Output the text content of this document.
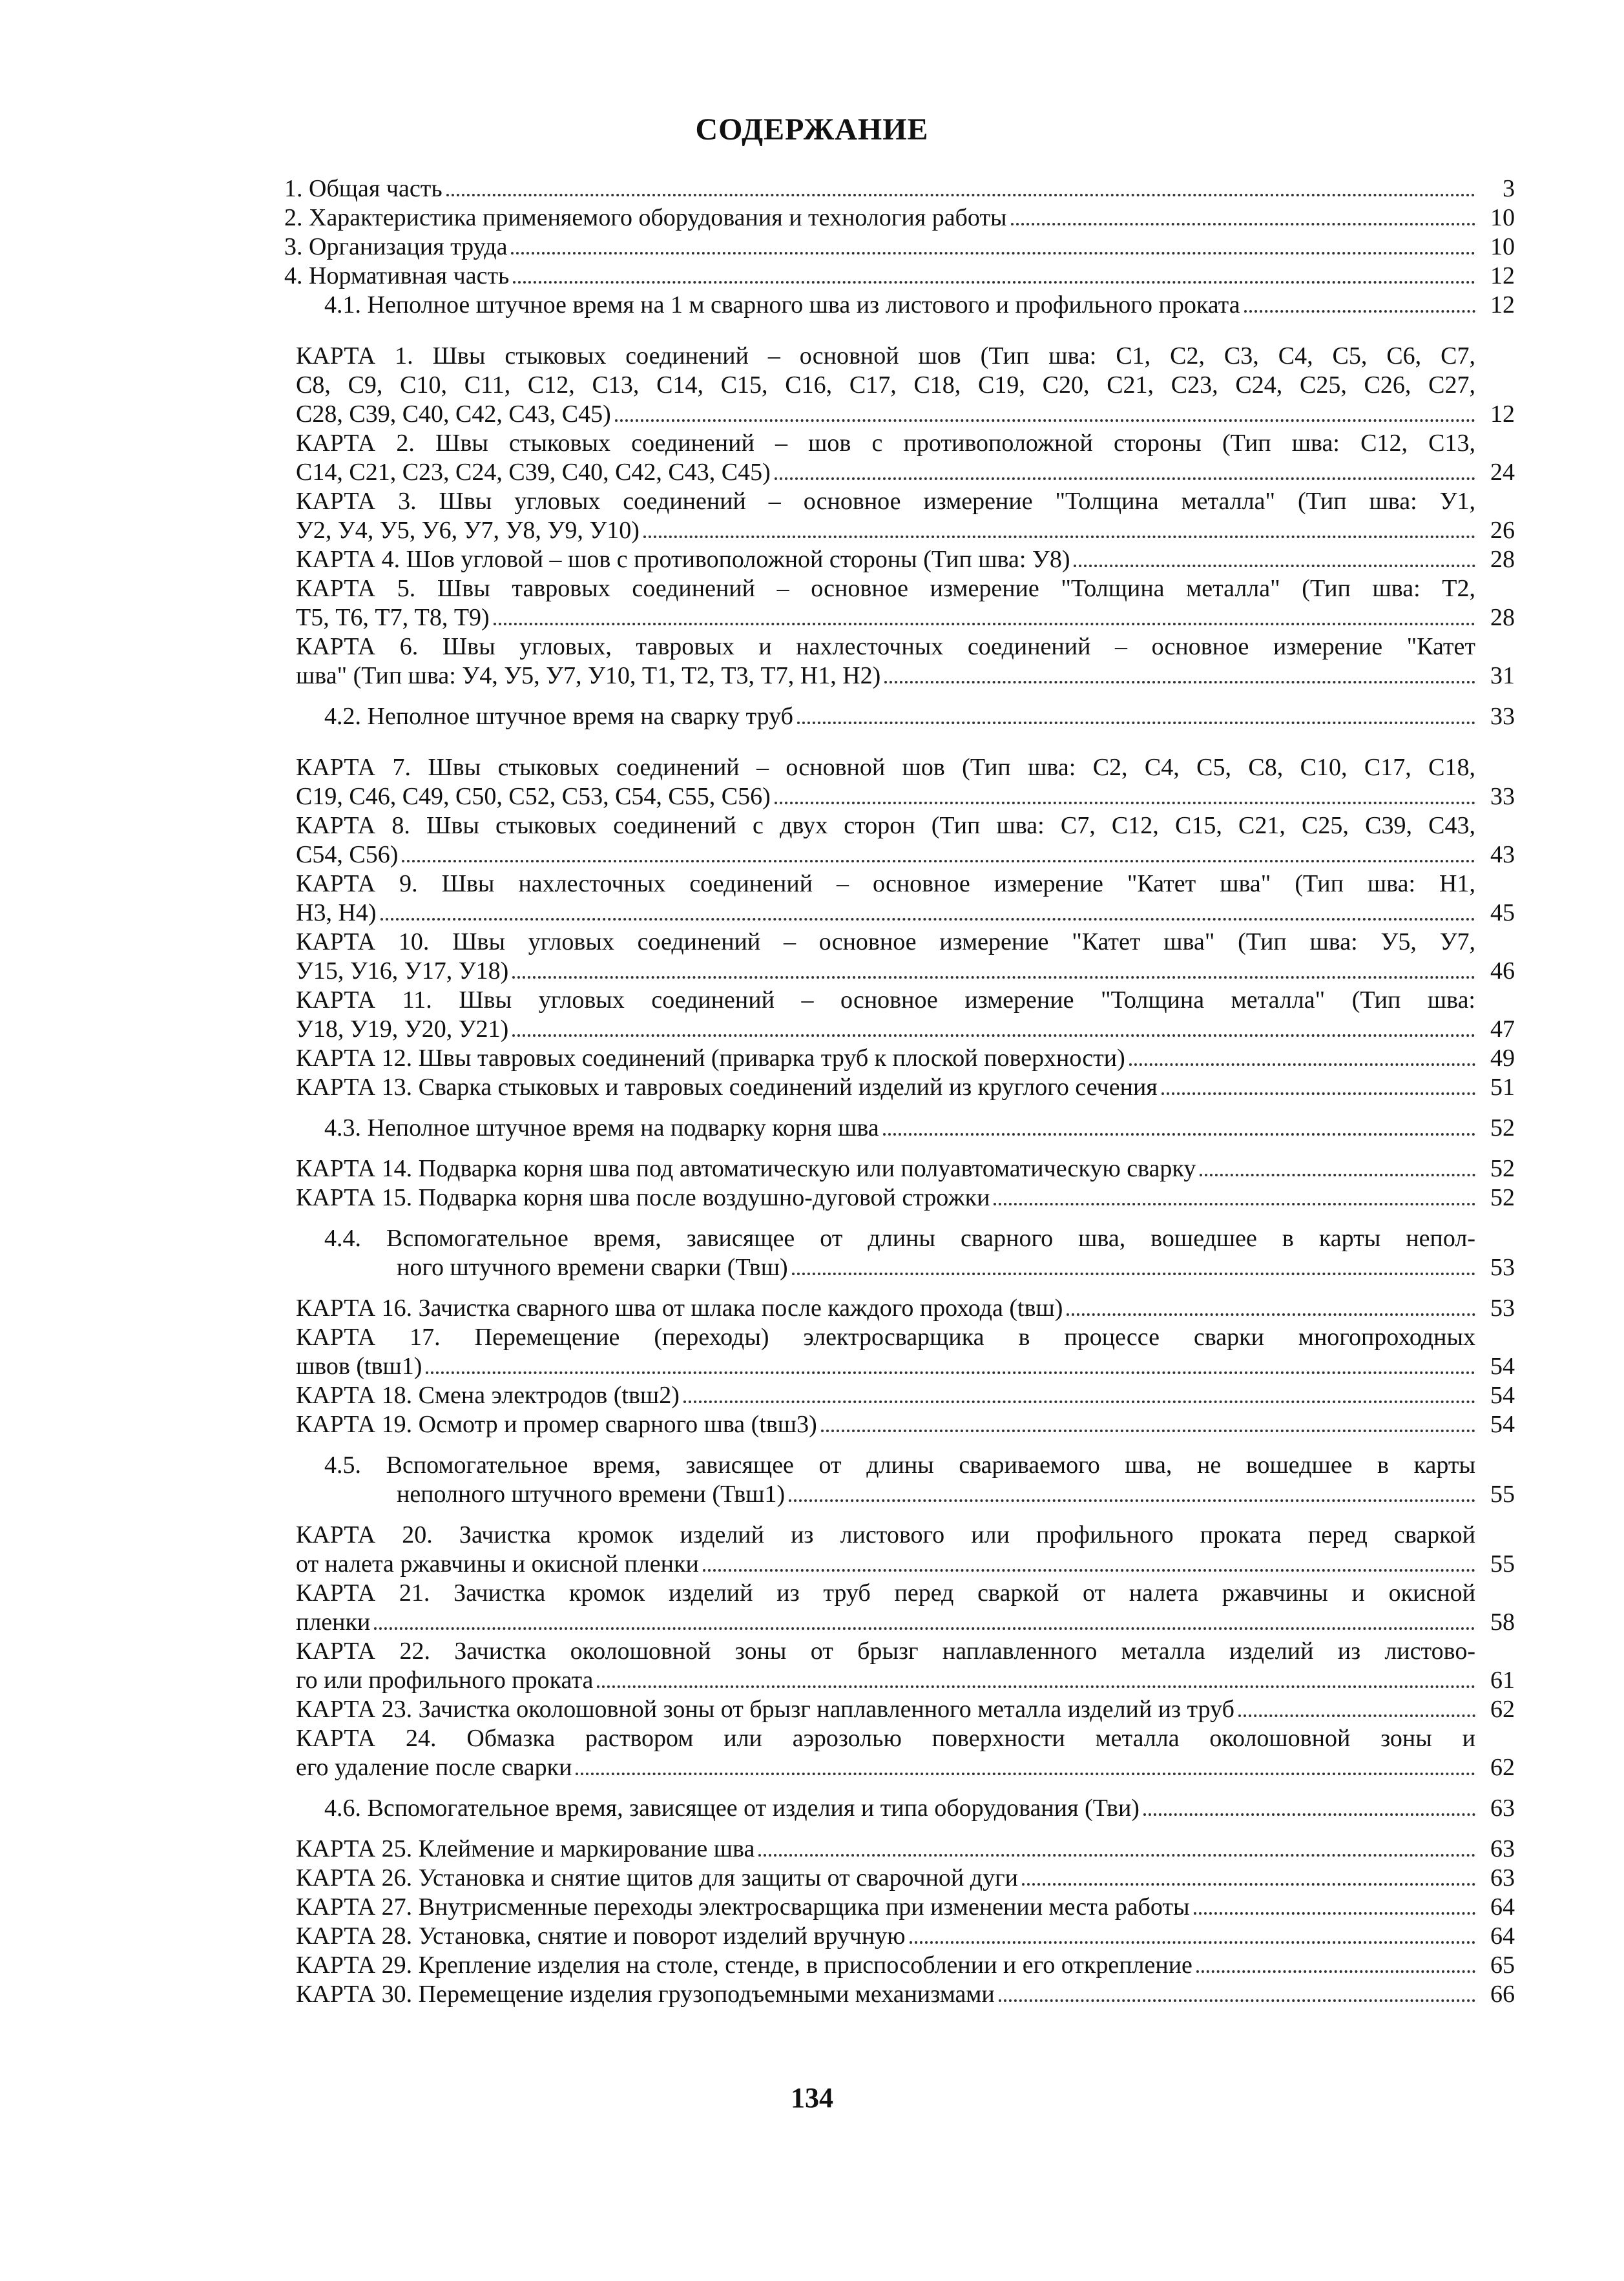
СОДЕРЖАНИЕ
1. Общая часть	3
2. Характеристика применяемого оборудования и технология работы	10
3. Организация труда	10
4. Нормативная часть	12
4.1. Неполное штучное время на 1 м сварного шва из листового и профильного проката	12
КАРТА 1. Швы стыковых соединений – основной шов (Тип шва: С1, С2, С3, С4, С5, С6, С7,
С8, С9, С10, С11, С12, С13, С14, С15, С16, С17, С18, С19, С20, С21, С23, С24, С25, С26, С27,
С28, С39, С40, С42, С43, С45)	12
КАРТА 2. Швы стыковых соединений – шов с противоположной стороны (Тип шва: С12, С13,
С14, С21, С23, С24, С39, С40, С42, С43, С45)	24
КАРТА 3. Швы угловых соединений – основное измерение "Толщина металла" (Тип шва: У1,
У2, У4, У5, У6, У7, У8, У9, У10)	26
КАРТА 4. Шов угловой – шов с противоположной стороны (Тип шва: У8)	28
КАРТА 5. Швы тавровых соединений – основное измерение "Толщина металла" (Тип шва: Т2,
Т5, Т6, Т7, Т8, Т9)	28
КАРТА 6. Швы угловых, тавровых и нахлесточных соединений – основное измерение "Катет
шва" (Тип шва: У4, У5, У7, У10, Т1, Т2, Т3, Т7, Н1, Н2)	31
4.2. Неполное штучное время на сварку труб	33
КАРТА 7. Швы стыковых соединений – основной шов (Тип шва: С2, С4, С5, С8, С10, С17, С18,
С19, С46, С49, С50, С52, С53, С54, С55, С56)	33
КАРТА 8. Швы стыковых соединений с двух сторон (Тип шва: С7, С12, С15, С21, С25, С39, С43,
С54, С56)	43
КАРТА 9. Швы нахлесточных соединений – основное измерение "Катет шва" (Тип шва: Н1,
Н3, Н4)	45
КАРТА 10. Швы угловых соединений – основное измерение "Катет шва" (Тип шва: У5, У7,
У15, У16, У17, У18)	46
КАРТА 11. Швы угловых соединений – основное измерение "Толщина металла" (Тип шва:
У18, У19, У20, У21)	47
КАРТА 12. Швы тавровых соединений (приварка труб к плоской поверхности)	49
КАРТА 13. Сварка стыковых и тавровых соединений изделий из круглого сечения	51
4.3. Неполное штучное время на подварку корня шва	52
КАРТА 14. Подварка корня шва под автоматическую или полуавтоматическую сварку	52
КАРТА 15. Подварка корня шва после воздушно-дуговой строжки	52
4.4. Вспомогательное время, зависящее от длины сварного шва, вошедшее в карты непол-
ного штучного времени сварки (Твш)	53
КАРТА 16. Зачистка сварного шва от шлака после каждого прохода (tвш)	53
КАРТА 17. Перемещение (переходы) электросварщика в процессе сварки многопроходных
швов (tвш1)	54
КАРТА 18. Смена электродов (tвш2)	54
КАРТА 19. Осмотр и промер сварного шва (tвш3)	54
4.5. Вспомогательное время, зависящее от длины свариваемого шва, не вошедшее в карты
неполного штучного времени (Твш1)	55
КАРТА 20. Зачистка кромок изделий из листового или профильного проката перед сваркой
от налета ржавчины и окисной пленки	55
КАРТА 21. Зачистка кромок изделий из труб перед сваркой от налета ржавчины и окисной
пленки	58
КАРТА 22. Зачистка околошовной зоны от брызг наплавленного металла изделий из листово-
го или профильного проката	61
КАРТА 23. Зачистка околошовной зоны от брызг наплавленного металла изделий из труб	62
КАРТА 24. Обмазка раствором или аэрозолью поверхности металла околошовной зоны и
его удаление после сварки	62
4.6. Вспомогательное время, зависящее от изделия и типа оборудования (Тви)	63
КАРТА 25. Клеймение и маркирование шва	63
КАРТА 26. Установка и снятие щитов для защиты от сварочной дуги	63
КАРТА 27. Внутрисменные переходы электросварщика при изменении места работы	64
КАРТА 28. Установка, снятие и поворот изделий вручную	64
КАРТА 29. Крепление изделия на столе, стенде, в приспособлении и его открепление	65
КАРТА 30. Перемещение изделия грузоподъемными механизмами	66
134
